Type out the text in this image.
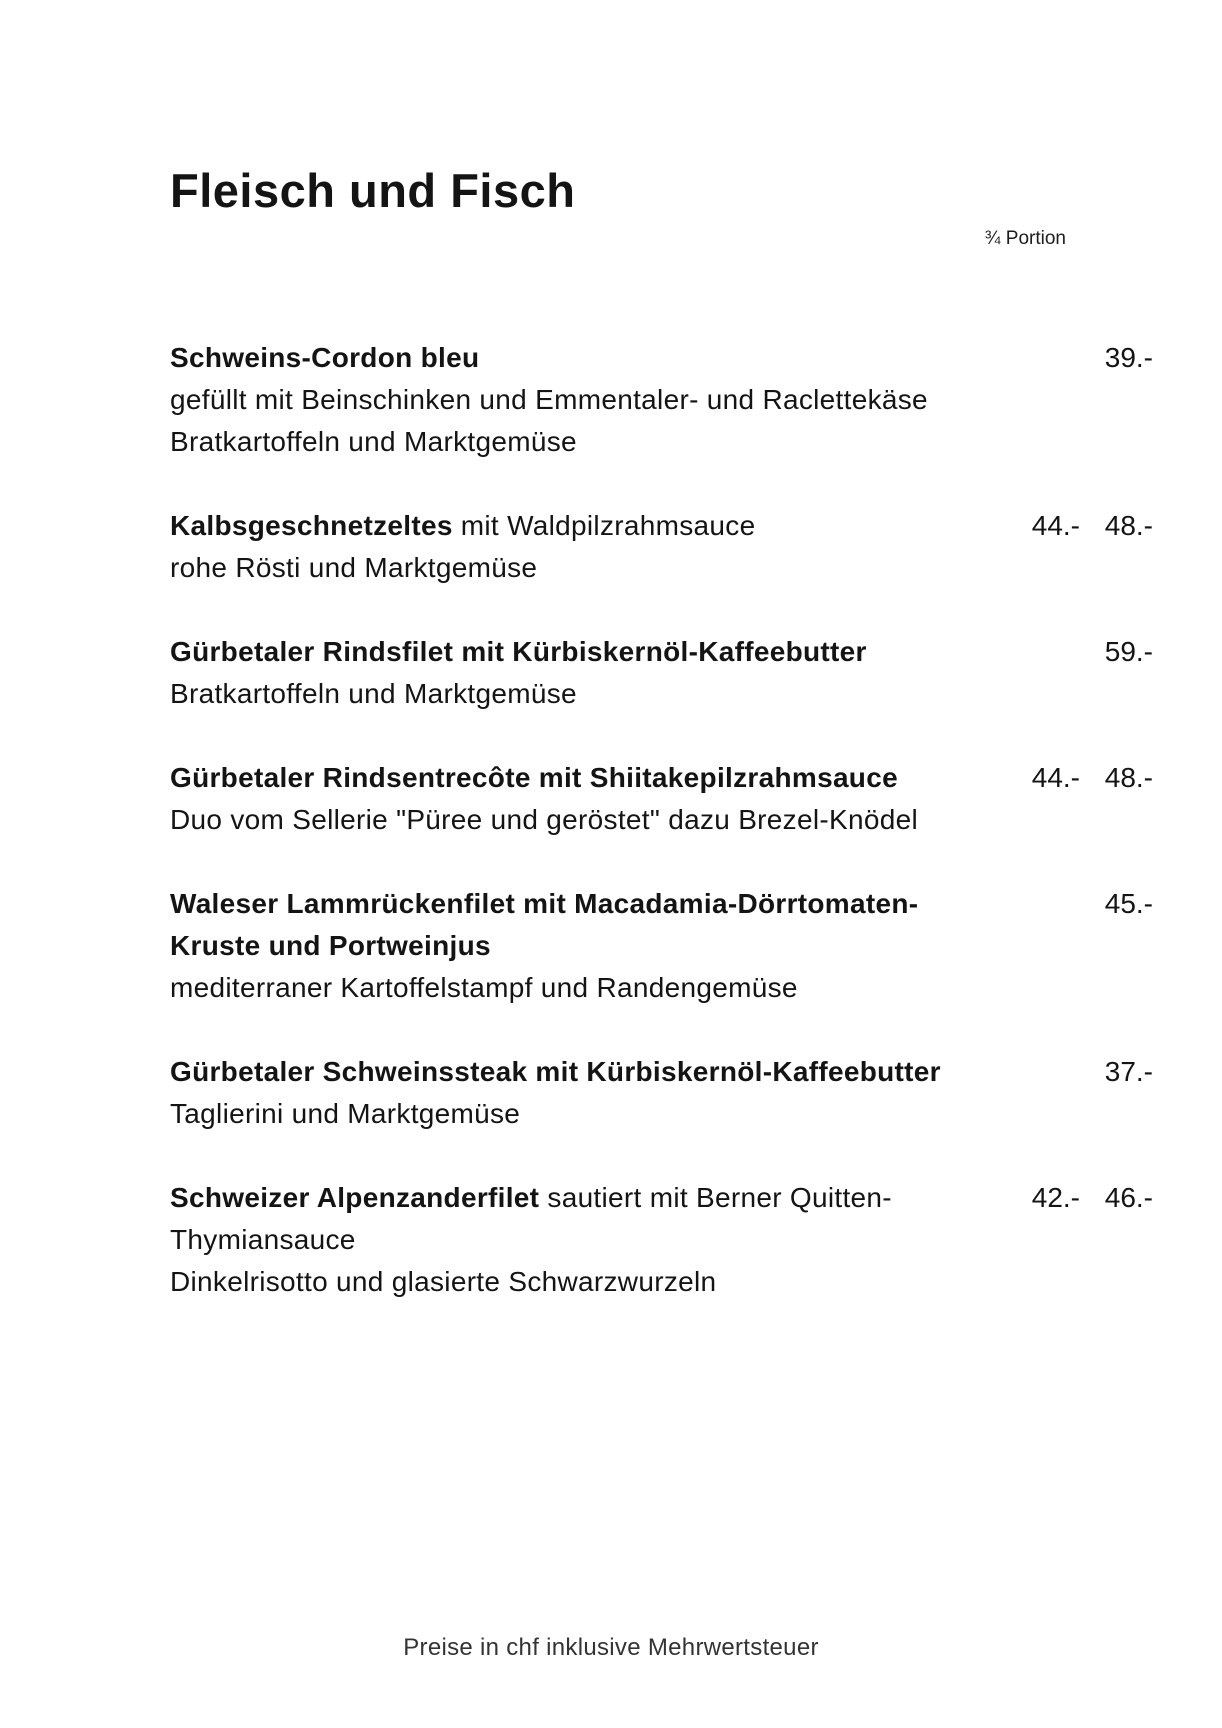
Fleisch und Fisch
¾ Portion
Schweins-Cordon bleu
gefüllt mit Beinschinken und Emmentaler- und Raclettekäse
Bratkartoffeln und Marktgemüse
39.-
Kalbsgeschnetzeltes mit Waldpilzrahmsauce
rohe Rösti und Marktgemüse
44.- 48.-
Gürbetaler Rindsfilet mit Kürbiskernöl-Kaffeebutter
Bratkartoffeln und Marktgemüse
59.-
Gürbetaler Rindsentrecôte mit Shiitakepilzrahmsauce
Duo vom Sellerie "Püree und geröstet" dazu Brezel-Knödel
44.- 48.-
Waleser Lammrückenfilet mit Macadamia-Dörrtomaten-
Kruste und Portweinjus
mediterraner Kartoffelstampf und Randengemüse
45.-
Gürbetaler Schweinssteak mit Kürbiskernöl-Kaffeebutter
Taglierini und Marktgemüse
37.-
Schweizer Alpenzanderfilet sautiert mit Berner Quitten-
Thymiansauce
Dinkelrisotto und glasierte Schwarzwurzeln
42.- 46.-
Preise in chf inklusive Mehrwertsteuer
